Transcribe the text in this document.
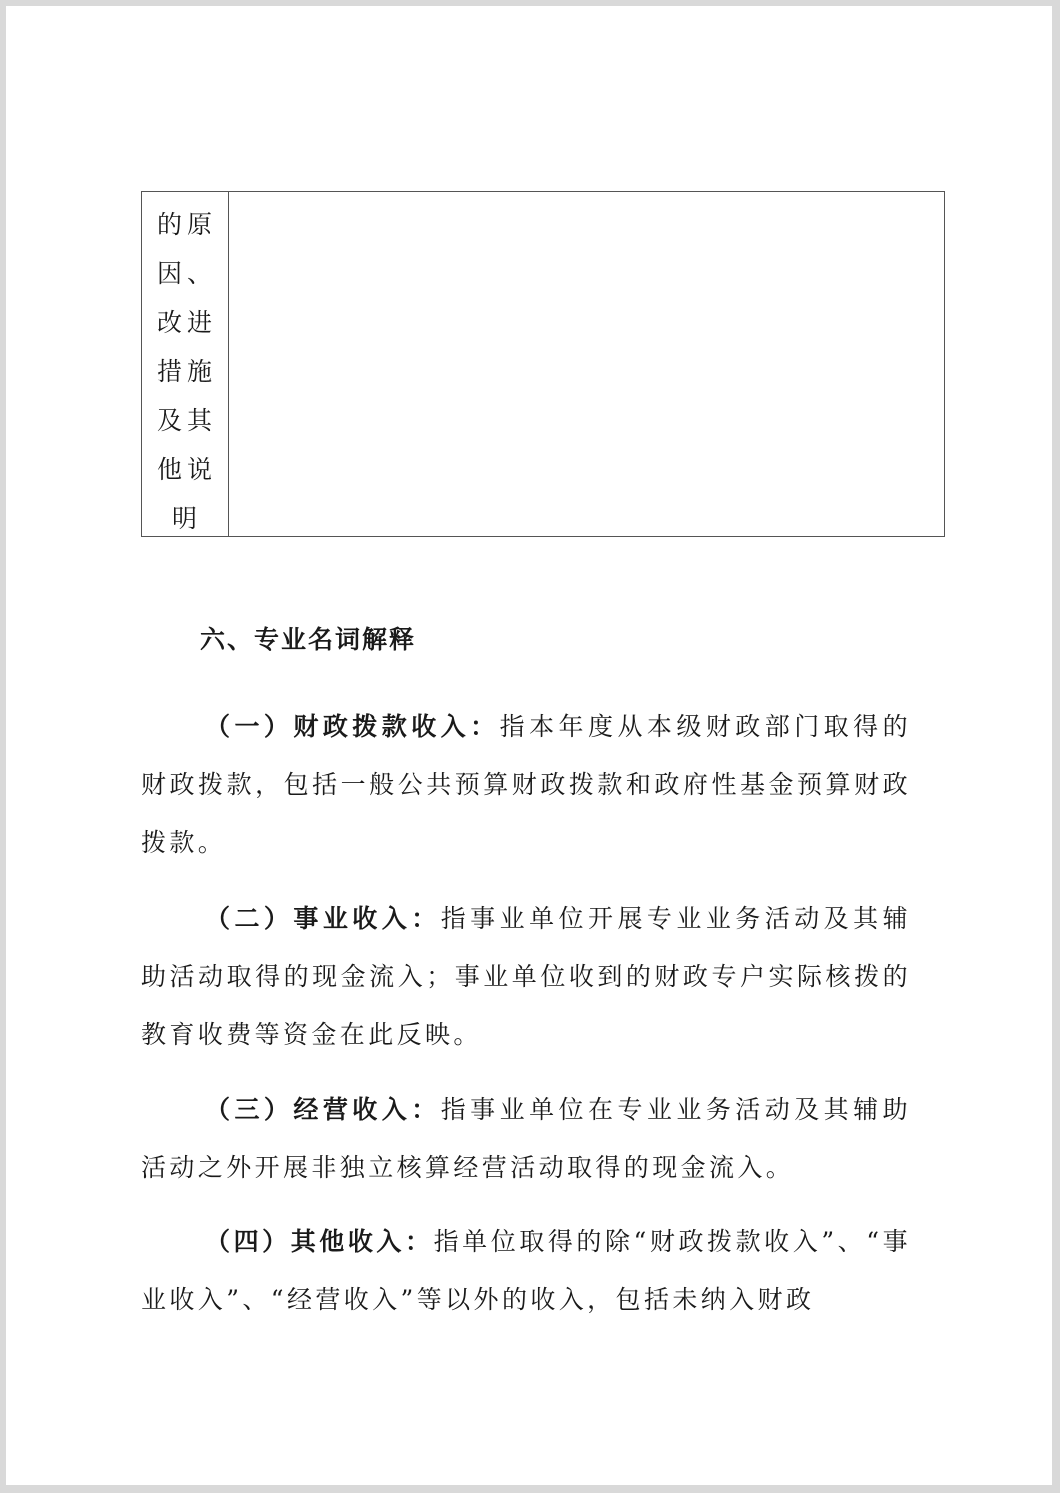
的原
因、
改进
措施
及其
他说
明
六、专业名词解释

（一）财政拨款收入：指本年度从本级财政部门取得的财政拨款，包括一般公共预算财政拨款和政府性基金预算财政拨款。

（二）事业收入：指事业单位开展专业业务活动及其辅助活动取得的现金流入；事业单位收到的财政专户实际核拨的教育收费等资金在此反映。

（三）经营收入：指事业单位在专业业务活动及其辅助活动之外开展非独立核算经营活动取得的现金流入。

（四）其他收入：指单位取得的除“财政拨款收入”、“事业收入”、“经营收入”等以外的收入，包括未纳入财政
